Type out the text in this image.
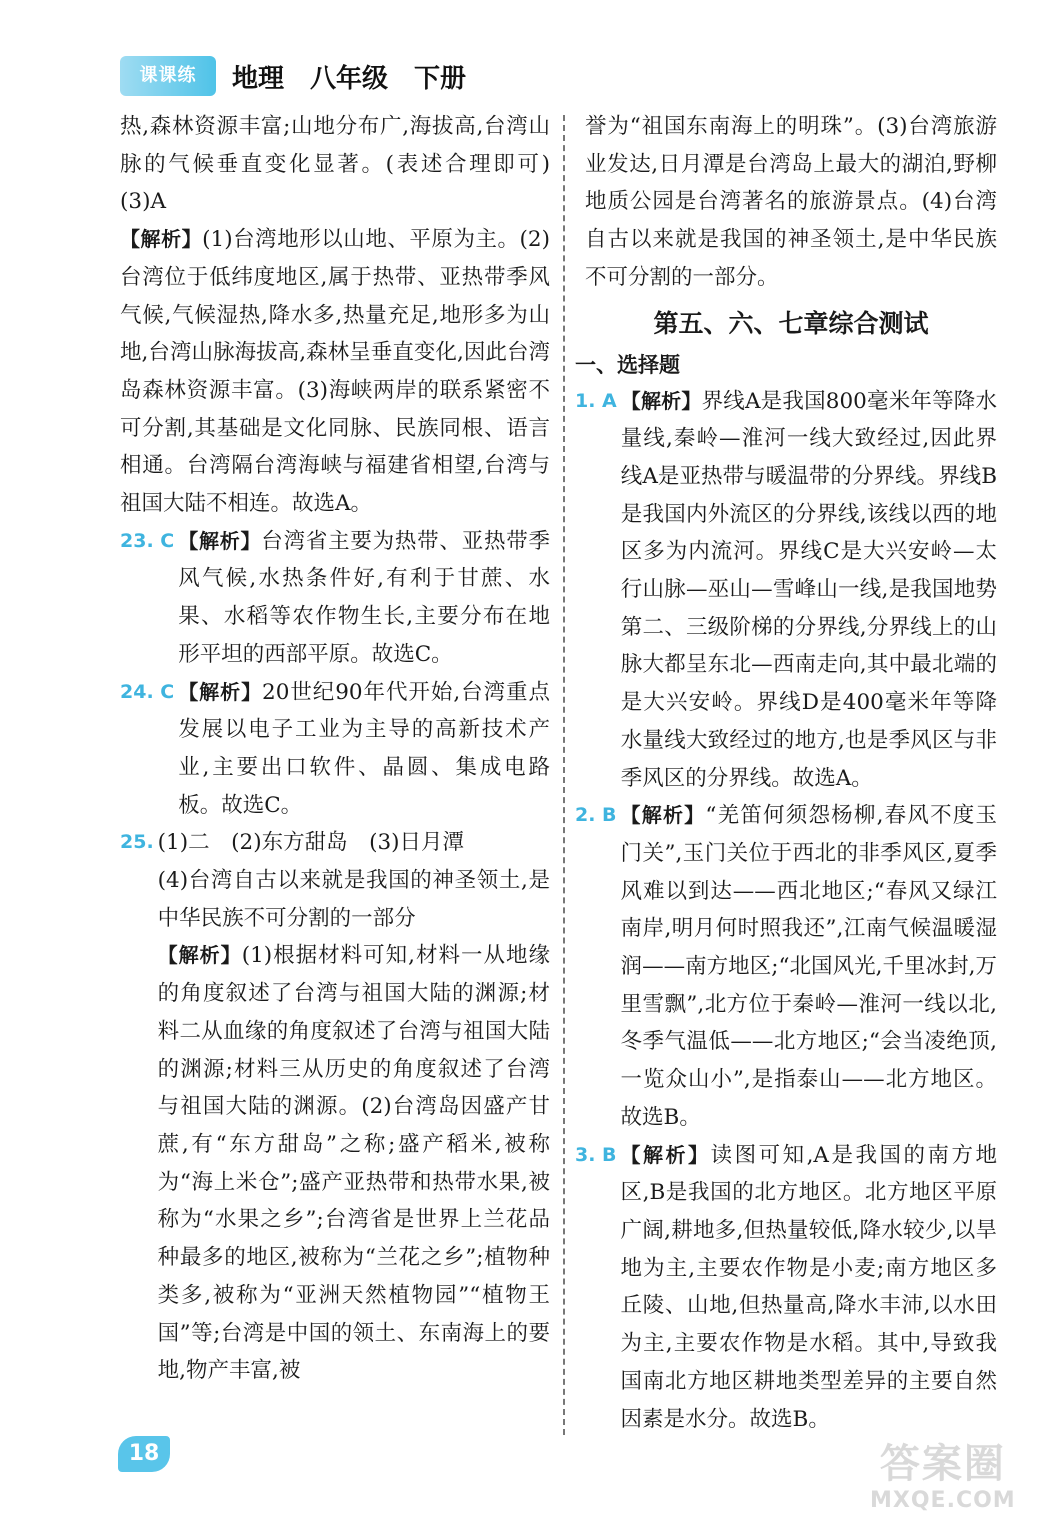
课课练	地理　八年级　下册

热,森林资源丰富;山地分布广,海拔高,台湾山脉的气候垂直变化显著。(表述合理即可)　(3)A

【解析】(1)台湾地形以山地、平原为主。(2)台湾位于低纬度地区,属于热带、亚热带季风气候,气候湿热,降水多,热量充足,地形多为山地,台湾山脉海拔高,森林呈垂直变化,因此台湾岛森林资源丰富。(3)海峡两岸的联系紧密不可分割,其基础是文化同脉、民族同根、语言相通。台湾隔台湾海峡与福建省相望,台湾与祖国大陆不相连。故选A。

23. C 【解析】台湾省主要为热带、亚热带季风气候,水热条件好,有利于甘蔗、水果、水稻等农作物生长,主要分布在地形平坦的西部平原。故选C。

24. C 【解析】20世纪90年代开始,台湾重点发展以电子工业为主导的高新技术产业,主要出口软件、晶圆、集成电路板。故选C。

25. (1)二　(2)东方甜岛　(3)日月潭

(4)台湾自古以来就是我国的神圣领土,是中华民族不可分割的一部分

【解析】(1)根据材料可知,材料一从地缘的角度叙述了台湾与祖国大陆的渊源;材料二从血缘的角度叙述了台湾与祖国大陆的渊源;材料三从历史的角度叙述了台湾与祖国大陆的渊源。(2)台湾岛因盛产甘蔗,有“东方甜岛”之称;盛产稻米,被称为“海上米仓”;盛产亚热带和热带水果,被称为“水果之乡”;台湾省是世界上兰花品种最多的地区,被称为“兰花之乡”;植物种类多,被称为“亚洲天然植物园”“植物王国”等;台湾是中国的领土、东南海上的要地,物产丰富,被

誉为“祖国东南海上的明珠”。(3)台湾旅游业发达,日月潭是台湾岛上最大的湖泊,野柳地质公园是台湾著名的旅游景点。(4)台湾自古以来就是我国的神圣领土,是中华民族不可分割的一部分。

第五、六、七章综合测试
一、选择题
1. A 【解析】界线A是我国800毫米年等降水量线,秦岭—淮河一线大致经过,因此界线A是亚热带与暖温带的分界线。界线B是我国内外流区的分界线,该线以西的地区多为内流河。界线C是大兴安岭—太行山脉—巫山—雪峰山一线,是我国地势第二、三级阶梯的分界线,分界线上的山脉大都呈东北—西南走向,其中最北端的是大兴安岭。界线D是400毫米年等降水量线大致经过的地方,也是季风区与非季风区的分界线。故选A。

2. B 【解析】“羌笛何须怨杨柳,春风不度玉门关”,玉门关位于西北的非季风区,夏季风难以到达——西北地区;“春风又绿江南岸,明月何时照我还”,江南气候温暖湿润——南方地区;“北国风光,千里冰封,万里雪飘”,北方位于秦岭—淮河一线以北,冬季气温低——北方地区;“会当凌绝顶,一览众山小”,是指泰山——北方地区。故选B。

3. B 【解析】读图可知,A是我国的南方地区,B是我国的北方地区。北方地区平原广阔,耕地多,但热量较低,降水较少,以旱地为主,主要农作物是小麦;南方地区多丘陵、山地,但热量高,降水丰沛,以水田为主,主要农作物是水稻。其中,导致我国南北方地区耕地类型差异的主要自然因素是水分。故选B。

18	答案圈
MXQE.COM
